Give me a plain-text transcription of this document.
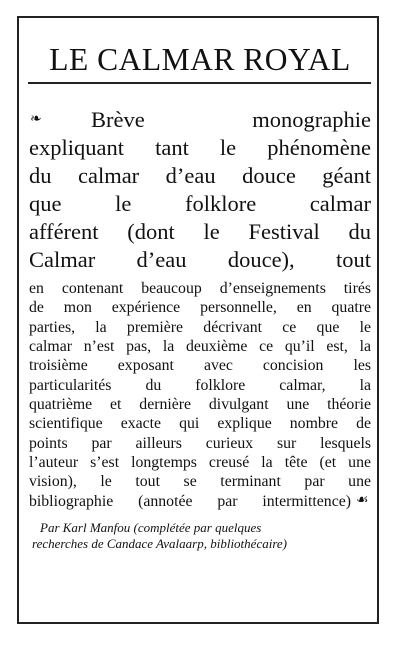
LE CALMAR ROYAL
❧ Brève monographie
expliquant tant le phénomène
du calmar d’eau douce géant
que le folklore calmar
afférent (dont le Festival du
Calmar d’eau douce), tout
en contenant beaucoup d’enseignements tirés
de mon expérience personnelle, en quatre
parties, la première décrivant ce que le
calmar n’est pas, la deuxième ce qu’il est, la
troisième exposant avec concision les
particularités du folklore calmar, la
quatrième et dernière divulgant une théorie
scientifique exacte qui explique nombre de
points par ailleurs curieux sur lesquels
l’auteur s’est longtemps creusé la tête (et une
vision), le tout se terminant par une
bibliographie (annotée par intermittence) ☙
Par Karl Manfou (complétée par quelques
recherches de Candace Avalaarp, bibliothécaire)
